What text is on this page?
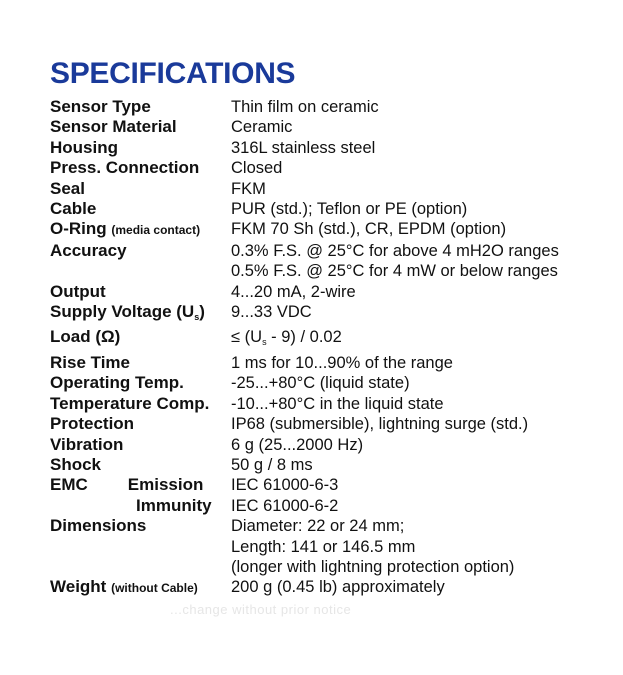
SPECIFICATIONS
Sensor Type	Thin film on ceramic
Sensor Material	Ceramic
Housing	316L stainless steel
Press. Connection	Closed
Seal	FKM
Cable	PUR (std.); Teflon or PE (option)
O-Ring (media contact)	FKM 70 Sh (std.), CR, EPDM (option)
Accuracy	0.3% F.S. @ 25°C for above 4 mH2O ranges
0.5% F.S. @ 25°C for 4 mW or below ranges
Output	4...20 mA, 2-wire
Supply Voltage $(U_s)$	9...33 VDC
Load (Ω)	≤ $(U_s - 9) / 0.02$
Rise Time	1 ms for 10...90% of the range
Operating Temp.	-25...+80°C (liquid state)
Temperature Comp.	-10...+80°C in the liquid state
Protection	IP68 (submersible), lightning surge (std.)
Vibration	6 g (25...2000 Hz)
Shock	50 g / 8 ms
EMC Emission	IEC 61000-6-3
Immunity	IEC 61000-6-2
Dimensions	Diameter: 22 or 24 mm;
Length: 141 or 146.5 mm
(longer with lightning protection option)
Weight (without Cable)	200 g (0.45 lb) approximately
...change without prior notice
